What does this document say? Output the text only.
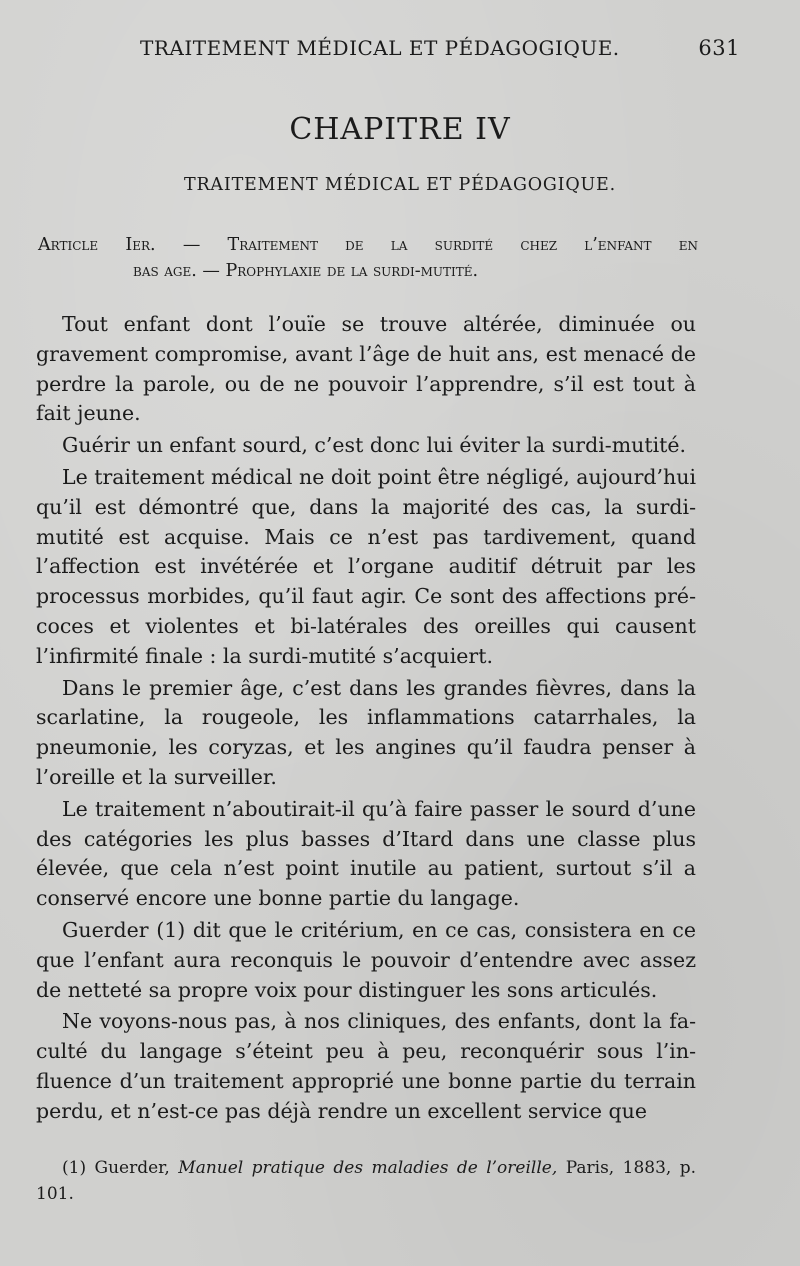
TRAITEMENT MÉDICAL ET PÉDAGOGIQUE.	631
CHAPITRE IV
TRAITEMENT MÉDICAL ET PÉDAGOGIQUE.
Article Ier. — Traitement de la surdité chez l’enfant en
bas age. — Prophylaxie de la surdi-mutité.

Tout enfant dont l’ouïe se trouve altérée, diminuée ou gravement compromise, avant l’âge de huit ans, est menacé de perdre la parole, ou de ne pouvoir l’apprendre, s’il est tout à fait jeune.

Guérir un enfant sourd, c’est donc lui éviter la surdi-mutité.

Le traitement médical ne doit point être négligé, aujourd’hui qu’il est démontré que, dans la majorité des cas, la surdi-mutité est acquise. Mais ce n’est pas tardivement, quand l’affection est invétérée et l’organe auditif détruit par les processus morbides, qu’il faut agir. Ce sont des affections précoces et violentes et bi-latérales des oreilles qui causent l’infirmité finale : la surdi-mutité s’acquiert.

Dans le premier âge, c’est dans les grandes fièvres, dans la scarlatine, la rougeole, les inflammations catarrhales, la pneumonie, les coryzas, et les angines qu’il faudra penser à l’oreille et la surveiller.

Le traitement n’aboutirait-il qu’à faire passer le sourd d’une des catégories les plus basses d’Itard dans une classe plus élevée, que cela n’est point inutile au patient, surtout s’il a conservé encore une bonne partie du langage.

Guerder (1) dit que le critérium, en ce cas, consistera en ce que l’enfant aura reconquis le pouvoir d’entendre avec assez de netteté sa propre voix pour distinguer les sons articulés.

Ne voyons-nous pas, à nos cliniques, des enfants, dont la faculté du langage s’éteint peu à peu, reconquérir sous l’influence d’un traitement approprié une bonne partie du terrain perdu, et n’est-ce pas déjà rendre un excellent service que

(1) Guerder, Manuel pratique des maladies de l’oreille, Paris, 1883, p. 101.
